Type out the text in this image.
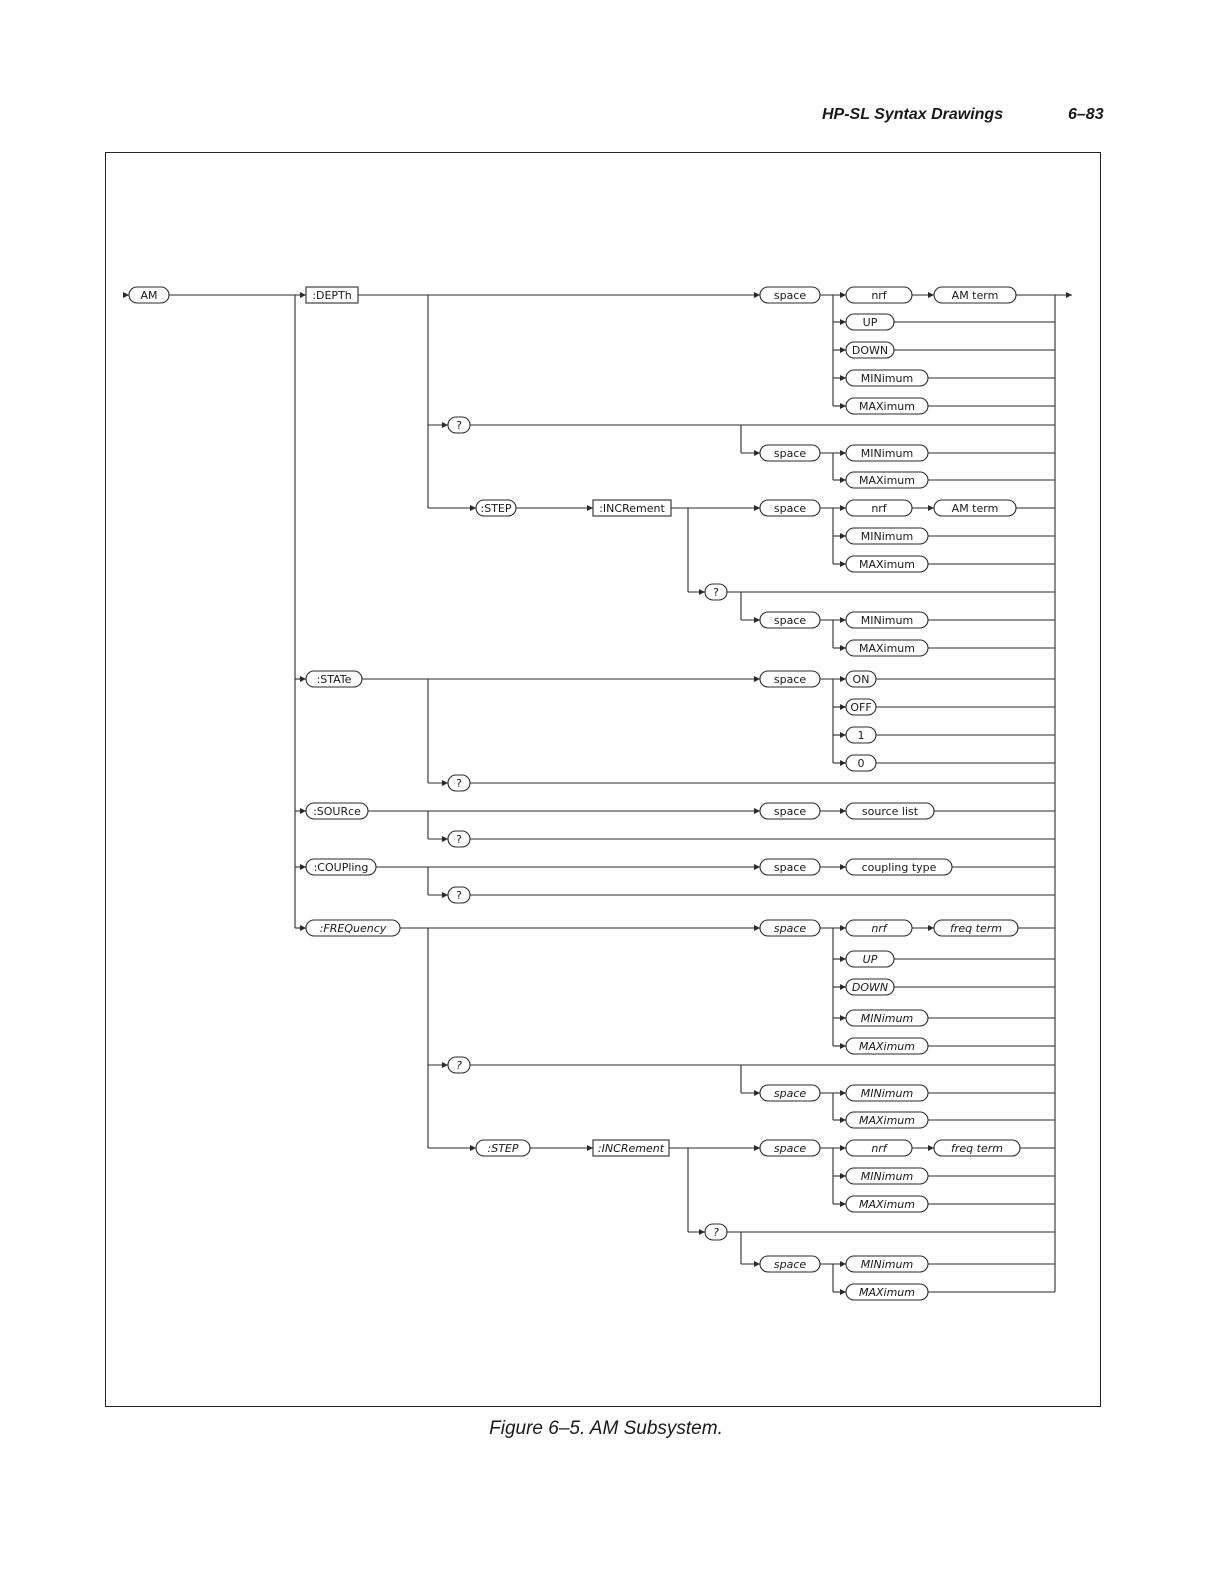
HP-SL Syntax Drawings	6–83
AM	:DEPTh	space	nrf	AM term
UP
DOWN
MINimum
MAXimum
?
space	MINimum
MAXimum
:STEP	:INCRement	space	nrf	AM term
MINimum
MAXimum
?
space	MINimum
MAXimum
:STATe	space	ON
OFF
1
0
?
:SOURce	space	source list
?
:COUPling	space	coupling type
?
:FREQuency	space	nrf	freq term
UP
DOWN
MINimum
MAXimum
?
space	MINimum
MAXimum
:STEP	:INCRement	space	nrf	freq term
MINimum
MAXimum
?
space	MINimum
MAXimum
Figure 6–5. AM Subsystem.
